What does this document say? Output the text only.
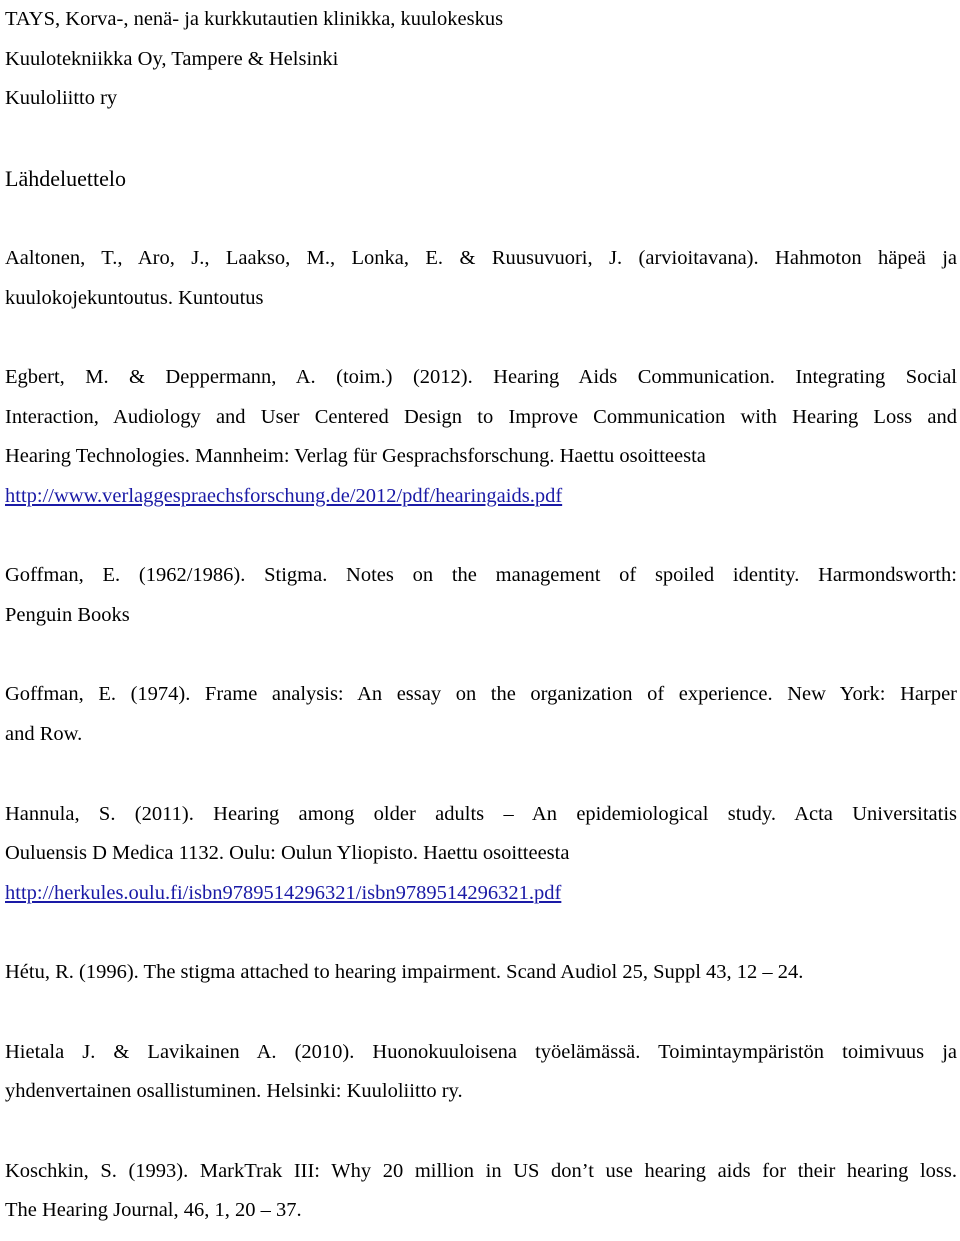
TAYS, Korva-, nenä- ja kurkkutautien klinikka, kuulokeskus
Kuulotekniikka Oy, Tampere & Helsinki
Kuuloliitto ry
Lähdeluettelo
Aaltonen, T., Aro, J., Laakso, M., Lonka, E. & Ruusuvuori, J. (arvioitavana). Hahmoton häpeä ja
kuulokojekuntoutus. Kuntoutus
Egbert, M. & Deppermann, A. (toim.) (2012). Hearing Aids Communication. Integrating Social
Interaction, Audiology and User Centered Design to Improve Communication with Hearing Loss and
Hearing Technologies. Mannheim: Verlag für Gesprachsforschung. Haettu osoitteesta
http://www.verlaggespraechsforschung.de/2012/pdf/hearingaids.pdf
Goffman, E. (1962/1986). Stigma. Notes on the management of spoiled identity. Harmondsworth:
Penguin Books
Goffman, E. (1974). Frame analysis: An essay on the organization of experience. New York: Harper
and Row.
Hannula, S. (2011). Hearing among older adults – An epidemiological study. Acta Universitatis
Ouluensis D Medica 1132. Oulu: Oulun Yliopisto. Haettu osoitteesta
http://herkules.oulu.fi/isbn9789514296321/isbn9789514296321.pdf
Hétu, R. (1996). The stigma attached to hearing impairment. Scand Audiol 25, Suppl 43, 12 – 24.
Hietala J. & Lavikainen A. (2010). Huonokuuloisena työelämässä. Toimintaympäristön toimivuus ja
yhdenvertainen osallistuminen. Helsinki: Kuuloliitto ry.
Koschkin, S. (1993). MarkTrak III: Why 20 million in US don’t use hearing aids for their hearing loss.
The Hearing Journal, 46, 1, 20 – 37.
